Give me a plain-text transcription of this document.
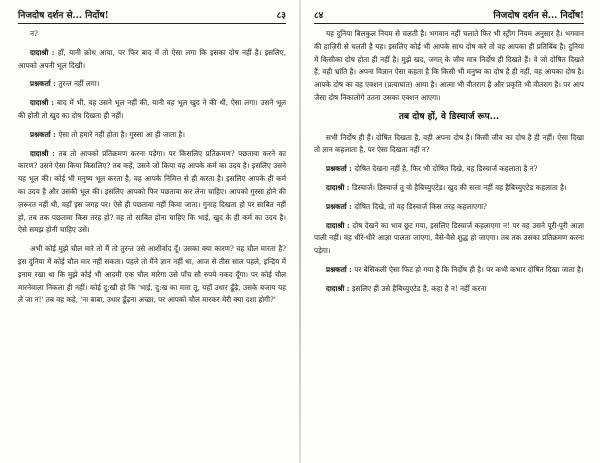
निजदोष दर्शन से... निर्दोष!	८३
न?
दादाश्री : हाँ, यानी क्रोध आया, पर फिर बाद में तो ऐसा लगा कि इसका दोष नहीं है। इसलिए, आपको अपनी भूल दिखी।
प्रश्नकर्ता : तुरन्त नहीं लगा।
दादाश्री : बाद में भी, वह उसने भूल नहीं की, यानी वह भूल खुद ने की थी, ऐसा लगा। उसने भूल की होती तो खुद का दोष दिखता ही नहीं।
प्रश्नकर्ता : ऐसा तो हमारे नहीं होता है। गुस्सा आ ही जाता है।
दादाश्री : तब तो आपको प्रतिक्रमण करना पड़ेगा। पर किसलिए प्रतिक्रमण? पछतावा करने का कारण? उसने ऐसा किया किसलिए? तब कहें, उसने जो किया वह आपके कर्म का उदय है। इसलिए उसने यह भूल की। कोई भी मनुष्य भूल करता है, वह आपके निमित्त से ही करता है। इसलिए आपके ही कर्म का उदय है और उसकी भूल की। इसलिए आपको फिर पछतावा कर लेना चाहिए। आपको गुस्सा होने की ज़रूरत नहीं थी, वहाँ इस जगह पर। ऐसे ही पछतावा नहीं किया जाता। गुनाह दिखता हो पर साबित नहीं हो, तब तक पछतावा किस तरह हो? वह तो साबित होना चाहिए कि भाई, खुद के ही कर्म का उदय है। ऐसे समझ होनी चाहिए उसे।
अभी कोई मुझे चौल मारे तो मैं तो तुरन्त उसे आशीर्वाद दूँ। उसका क्या कारण? वह चौल मारता है? इस दुनिया में कोई चौल मार नहीं सकता। पहले तो मैंने ज्ञान नहीं था, आज से तीस साल पहले, इन्द्रिय में इनाम रखा था कि मुझे कोई भी आदमी एक चौल मारेगा उसे पाँच सौ रुपये नकद दूँगा। पर कोई चौल मारनेवाला निकला ही नहीं। कोई दु:खी हो कि 'भाई, दु:ख का मारा तू, यहाँ उधार ढूँढ़े, उसके बजाय यह ले जा न!' तब वह कहे, 'ना बाबा, उधार ढूँढ़ना अच्छा, पर आपको चौल मारकर मेरी क्या दशा होगी?'
८४	निजदोष दर्शन से... निर्दोष!
यह दुनिया बिलकुल नियम से चलती है। भगवान नहीं चलाते फिर भी स्ट्रीग नियम अनुसार है। भगवान की हाज़िरी से चलती है यह। इसलिए कोई भी आपके साथ दोष करे तो वह आपका ही प्रतिबिंब है। दुनिया में किसीका दोष होता ही नहीं है। मुझे खद, जगत् के जीव मात्र निर्दोष ही दिखते हैं। वे जो दोषित दिखते हैं, वही भ्रांति है। अपना विज्ञान ऐसा कहता है कि किसी भी मनुष्य का दोष है ही नहीं, वह आपका दोष है। आपके दोष का वह एक्शन (प्रत्याघात) आया है। आत्मा भी वीतराग है और प्रकृति भी वीतराग है। पर आप जैसा दोष निकालोगे उतना उसका एक्शन आएगा।
तब दोष हों, वे डिस्चार्ज रूप...
सभी निर्दोष ही हैं। दोषित दिखता है, वही अपना दोष है। किसी जीव का दोष है ही नहीं। ऐसा दिखा तो ज्ञान कहलाता है, पर ऐसा दिखता नहीं न?
प्रश्नकर्ता : दोषित देखना नहीं है, फिर भी दोषित दिखे, वह डिस्चार्ज कहलाता है न?
दादाश्री : डिस्चार्ज। डिस्चार्ज तु वो हैबिच्युएटेड। खुद की सत्ता नहीं वह हैबिच्युएटेड कहलाता है।
प्रश्नकर्ता : दोषित दिखे, तो वह डिस्चार्ज किस तरह कहलाएगा?
दादाश्री : दोष देखने का भाव छूट गया, इसलिए डिस्चार्ज कहलाएगा न! पर वह उसने पूरी-पूरी आज्ञा पाली नहीं। वह धीरे-धीरे आज्ञा पालता जाएगा, वैसे-वैसे शुद्ध हो जाएगा। तब तक उसका प्रतिक्रमण करना पड़ेगा।
प्रश्नकर्ता : पर बेसिकली ऐसा फिट हो गया है कि निर्दोष ही है। पर कभी कभार दोषित दिखा जाता है।
दादाश्री : इसलिए ही उसे हैबिच्युएटेड है, कहा है न! नहीं करना
